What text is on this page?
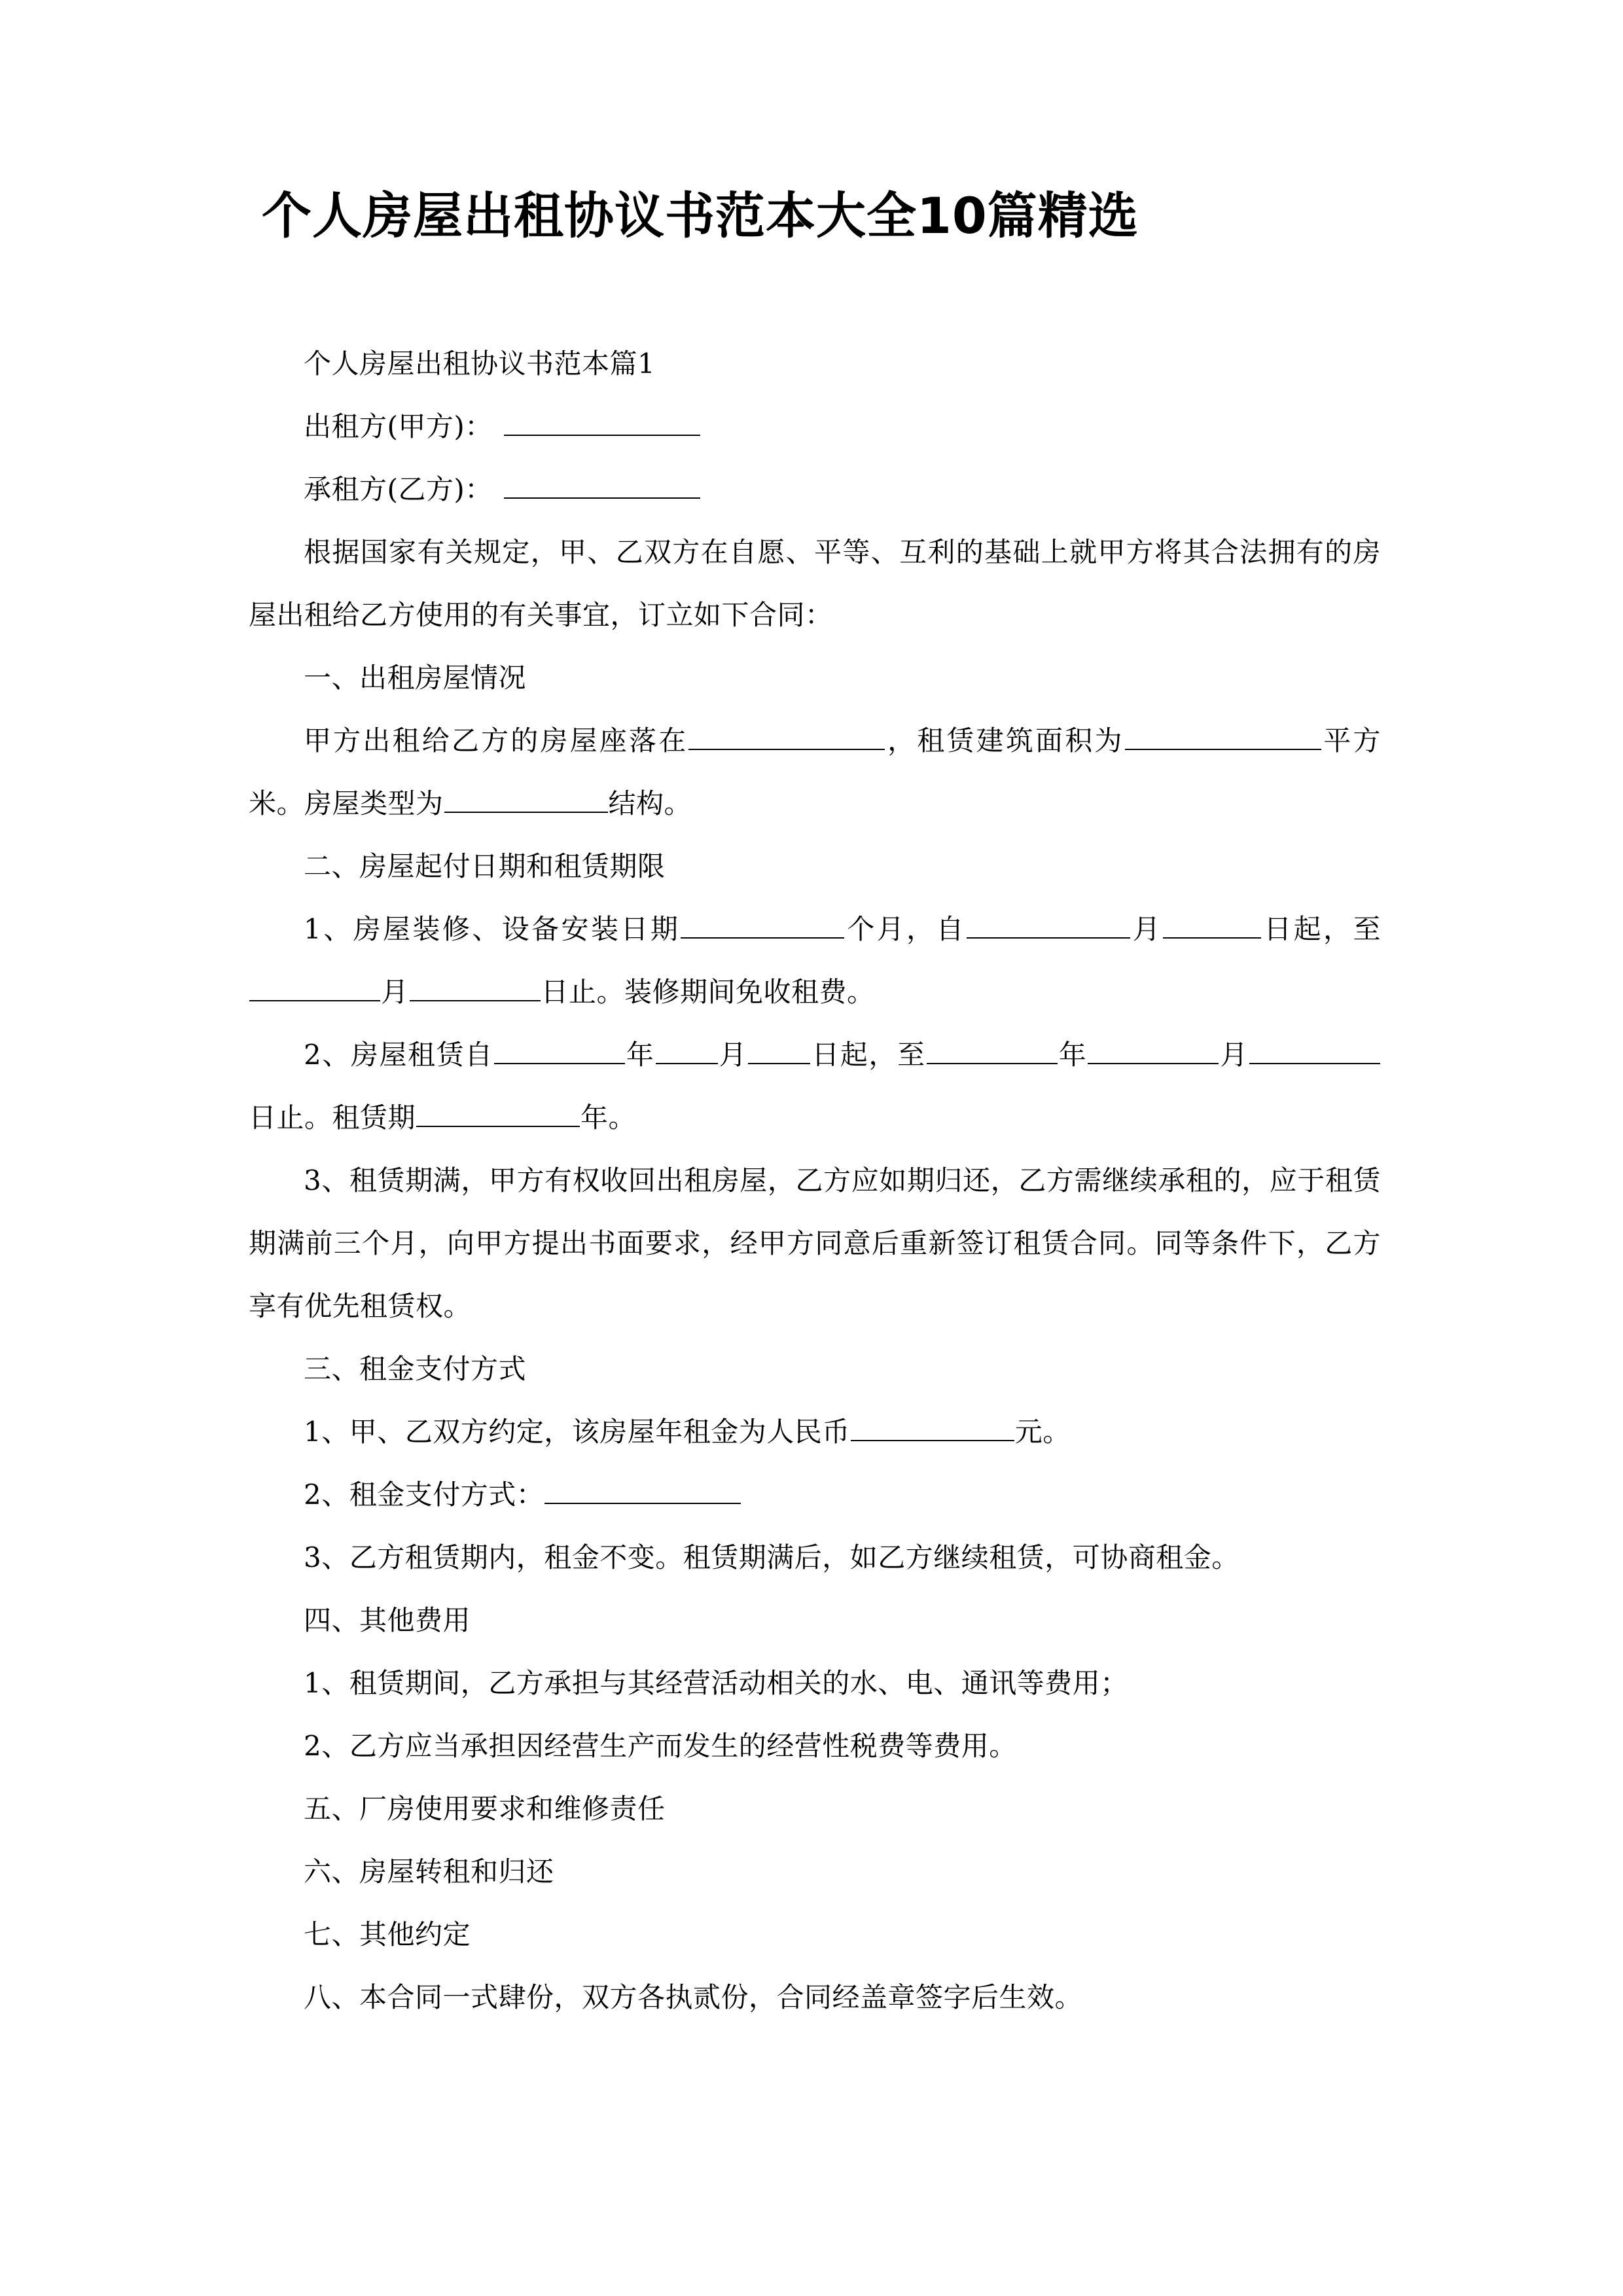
个人房屋出租协议书范本大全10篇精选

个人房屋出租协议书范本篇1

出租方(甲方)：

承租方(乙方)：

根据国家有关规定，甲、乙双方在自愿、平等、互利的基础上就甲方将其合法拥有的房屋出租给乙方使用的有关事宜，订立如下合同：

一、出租房屋情况

甲方出租给乙方的房屋座落在	，租赁建筑面积为	平方米。房屋类型为	结构。

二、房屋起付日期和租赁期限

1、房屋装修、设备安装日期	个月，自	月	日起，至月	日止。装修期间免收租费。

2、房屋租赁自	年 月 日起，至	年	月日止。租赁期	年。

3、租赁期满，甲方有权收回出租房屋，乙方应如期归还，乙方需继续承租的，应于租赁期满前三个月，向甲方提出书面要求，经甲方同意后重新签订租赁合同。同等条件下，乙方享有优先租赁权。

三、租金支付方式

1、甲、乙双方约定，该房屋年租金为人民币	元。

2、租金支付方式：

3、乙方租赁期内，租金不变。租赁期满后，如乙方继续租赁，可协商租金。

四、其他费用

1、租赁期间，乙方承担与其经营活动相关的水、电、通讯等费用；

2、乙方应当承担因经营生产而发生的经营性税费等费用。

五、厂房使用要求和维修责任

六、房屋转租和归还

七、其他约定

八、本合同一式肆份，双方各执贰份，合同经盖章签字后生效。
